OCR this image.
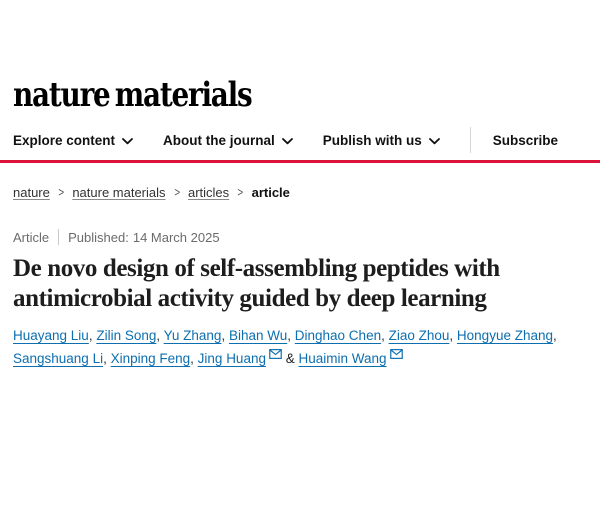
nature materials
Explore content	About the journal	Publish with us	Subscribe
nature > nature materials > articles > article
Article Published: 14 March 2025
De novo design of self-assembling peptides with
antimicrobial activity guided by deep learning
Huayang Liu, Zilin Song, Yu Zhang, Bihan Wu, Dinghao Chen, Ziao Zhou, Hongyue Zhang, Sangshuang Li, Xinping Feng, Jing Huang & Huaimin Wang
